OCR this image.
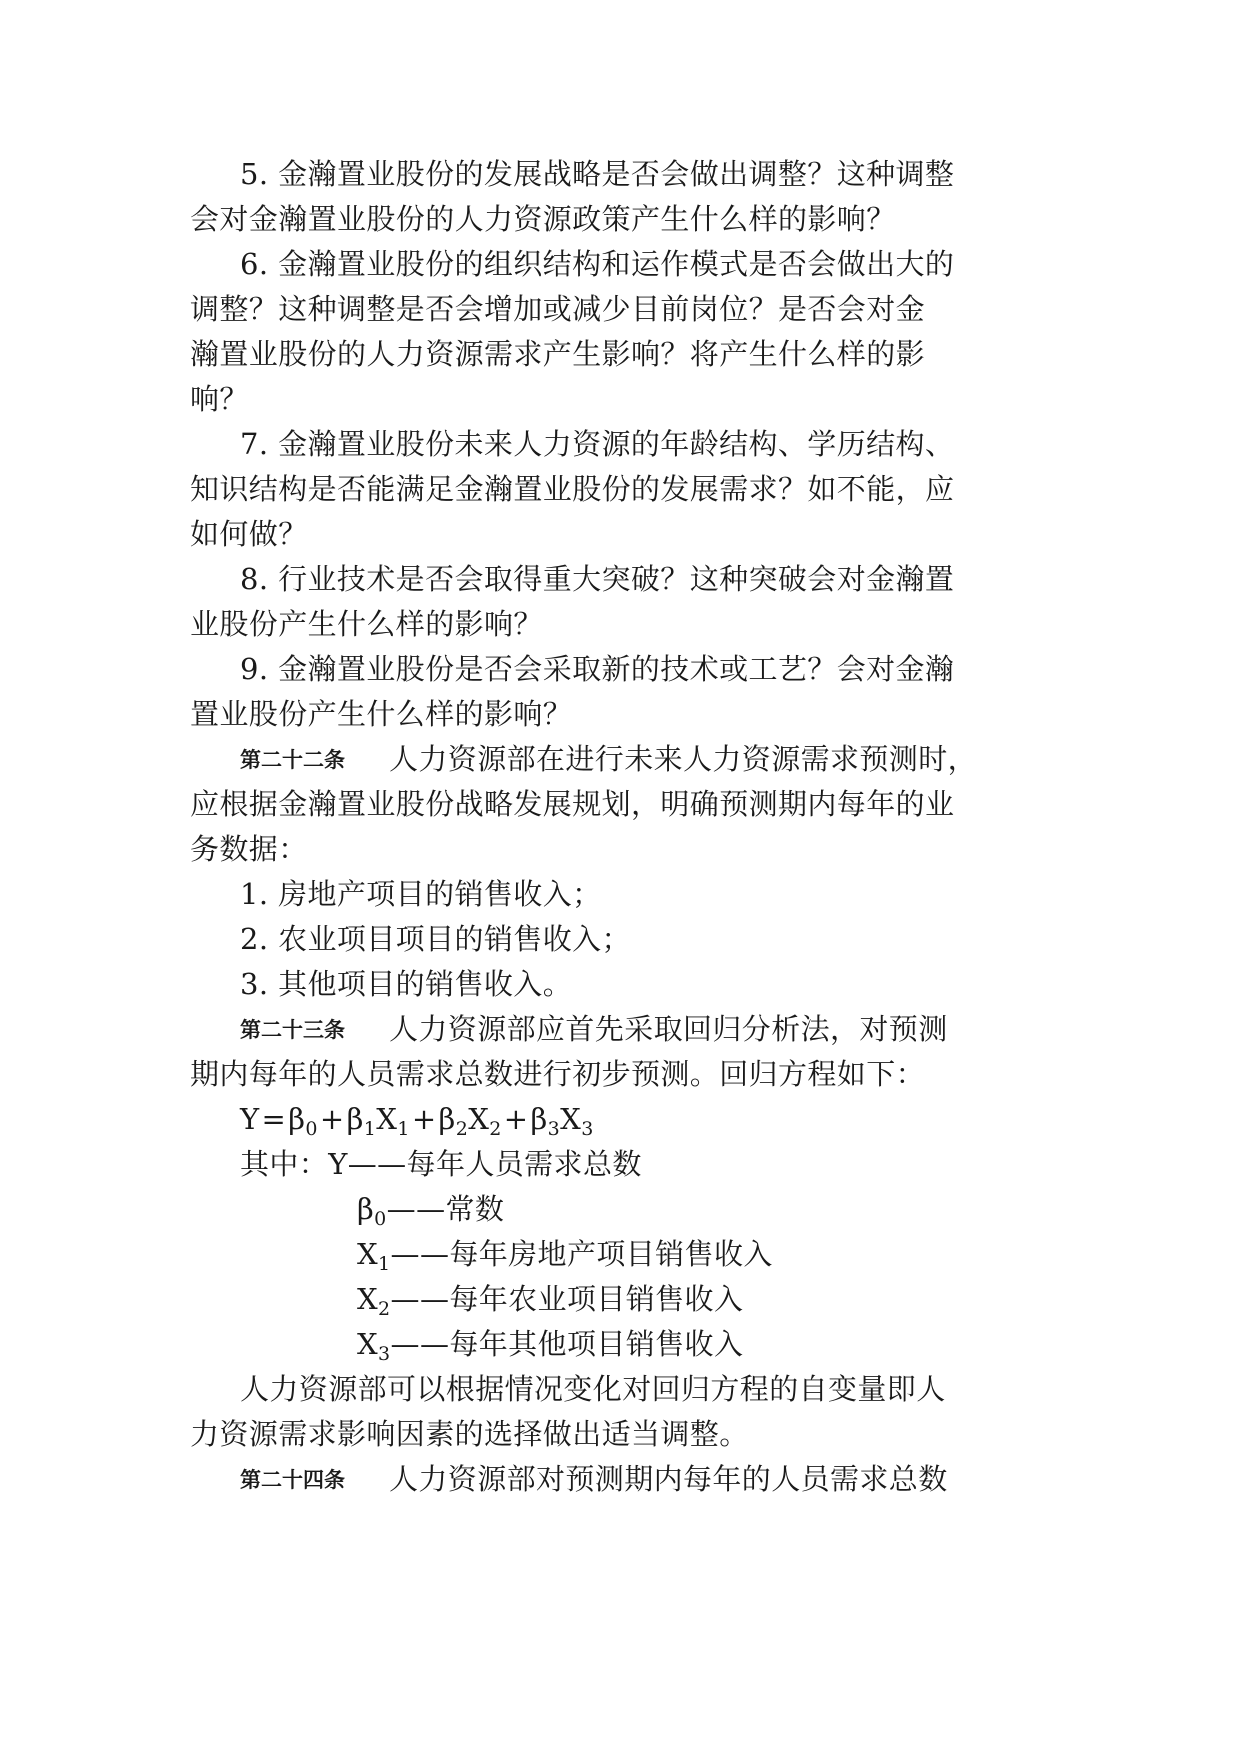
5. 金瀚置业股份的发展战略是否会做出调整？这种调整
会对金瀚置业股份的人力资源政策产生什么样的影响？
6. 金瀚置业股份的组织结构和运作模式是否会做出大的
调整？这种调整是否会增加或减少目前岗位？是否会对金
瀚置业股份的人力资源需求产生影响？将产生什么样的影
响？
7. 金瀚置业股份未来人力资源的年龄结构、学历结构、
知识结构是否能满足金瀚置业股份的发展需求？如不能，应
如何做？
8. 行业技术是否会取得重大突破？这种突破会对金瀚置
业股份产生什么样的影响？
9. 金瀚置业股份是否会采取新的技术或工艺？会对金瀚
置业股份产生什么样的影响？
第二十二条 人力资源部在进行未来人力资源需求预测时，
应根据金瀚置业股份战略发展规划，明确预测期内每年的业
务数据：
1. 房地产项目的销售收入；
2. 农业项目项目的销售收入；
3. 其他项目的销售收入。
第二十三条 人力资源部应首先采取回归分析法，对预测
期内每年的人员需求总数进行初步预测。回归方程如下：
$Y=\beta_0+\beta_1X_1+\beta_2X_2+\beta_3X_3$
其中：Y——每年人员需求总数
$\beta_0——$常数
$X_1——$每年房地产项目销售收入
$X_2——$每年农业项目销售收入
$X_3——$每年其他项目销售收入
人力资源部可以根据情况变化对回归方程的自变量即人
力资源需求影响因素的选择做出适当调整。
第二十四条 人力资源部对预测期内每年的人员需求总数
